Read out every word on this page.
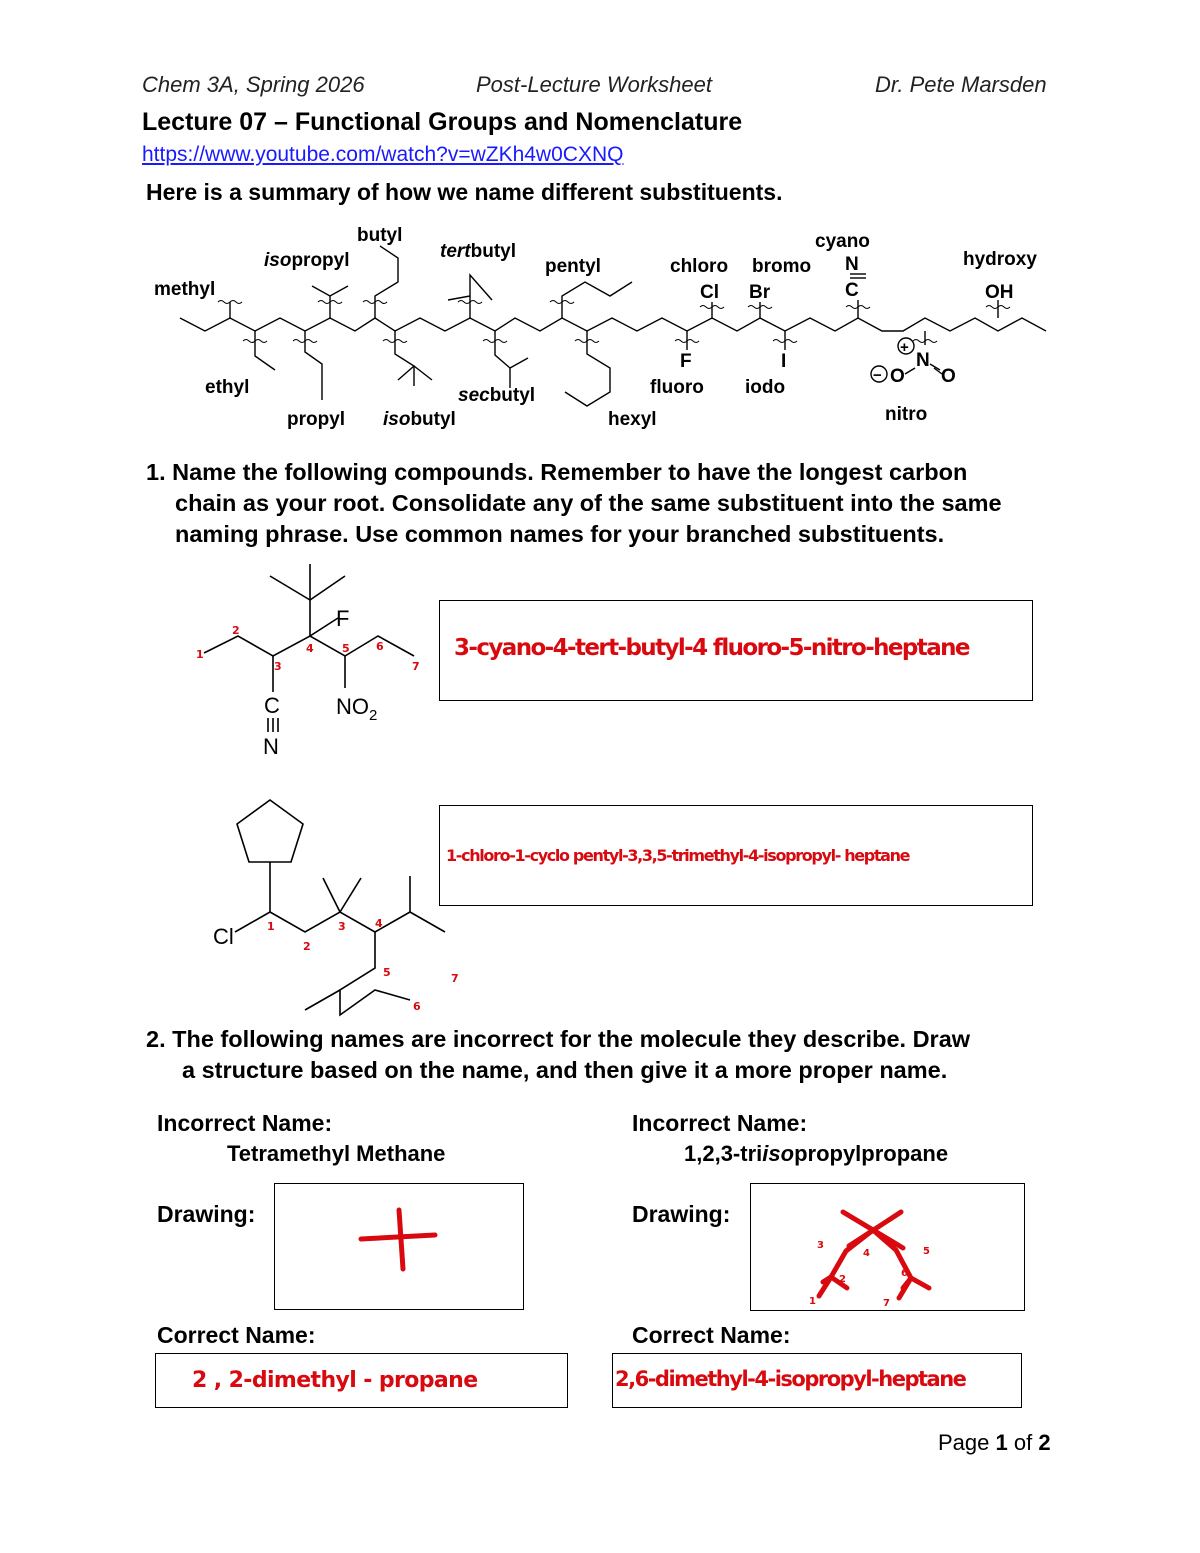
Chem 3A, Spring 2026	Post-Lecture Worksheet	Dr. Pete Marsden
Lecture 07 – Functional Groups and Nomenclature
https://www.youtube.com/watch?v=wZKh4w0CXNQ
Here is a summary of how we name different substituents.
methyl
ethyl
isopropyl
propyl
butyl
isobutyl
tertbutyl
secbutyl
pentyl
hexyl
chloro
Cl
bromo
Br
fluoro
F
iodo
I
cyano
N
C
hydroxy
OH
nitro
N
O O
+
−
1. Name the following compounds. Remember to have the longest carbon
chain as your root. Consolidate any of the same substituent into the same
naming phrase. Use common names for your branched substituents.
F
C
N
$NO_2$
1
2
3
4	5 6
7
3-cyano-4-tert-butyl-4 fluoro-5-nitro-heptane
Cl	1
2
3	4
5
6
7
1-chloro-1-cyclo pentyl-3,3,5-trimethyl-4-isopropyl- heptane
2. The following names are incorrect for the molecule they describe. Draw
a structure based on the name, and then give it a more proper name.
Incorrect Name:
Tetramethyl Methane
Drawing:
Correct Name:
2 , 2-dimethyl - propane
Incorrect Name:
1,2,3-triisopropylpropane
Drawing:
1
2
3
4	5
6
7
Correct Name:
2,6-dimethyl-4-isopropyl-heptane
Page 1 of 2
